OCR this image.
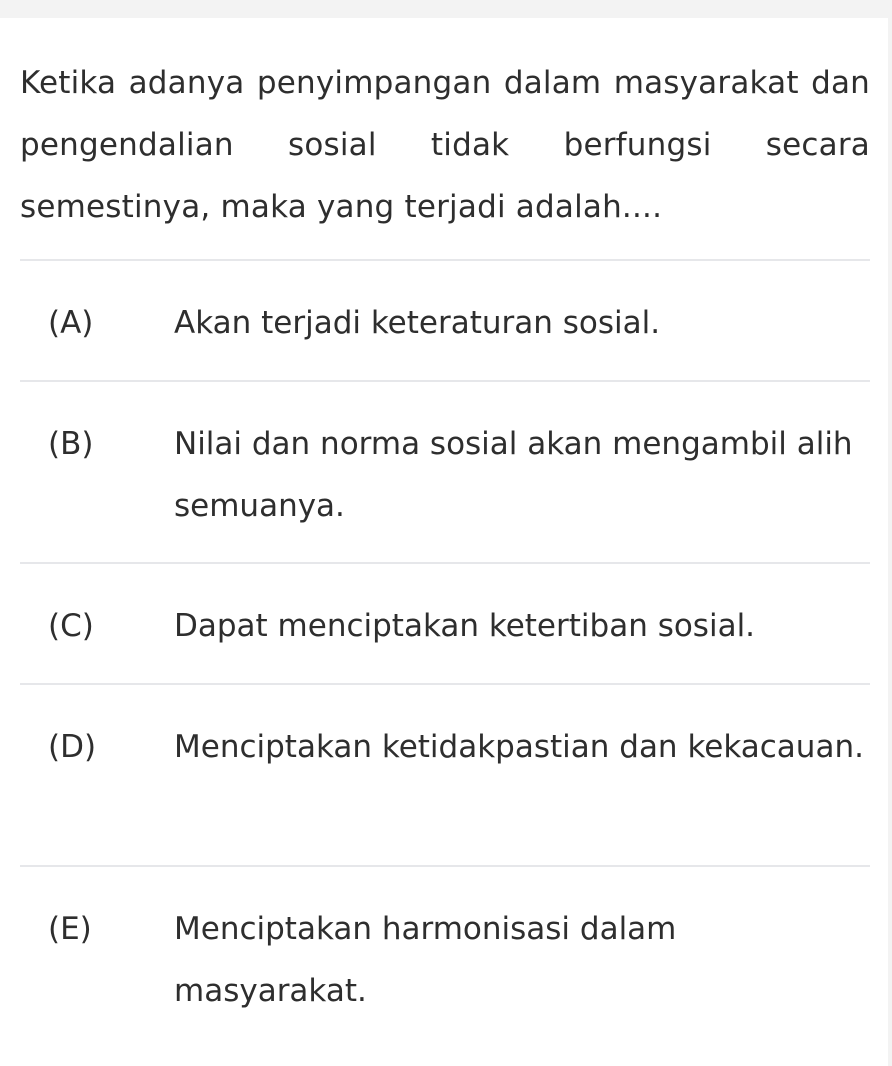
Ketika adanya penyimpangan dalam masyarakat dan pengendalian sosial tidak berfungsi secara semestinya, maka yang terjadi adalah....

(A)	Akan terjadi keteraturan sosial.
(B)	Nilai dan norma sosial akan mengambil alih semuanya.
(C)	Dapat menciptakan ketertiban sosial.
(D)	Menciptakan ketidakpastian dan kekacauan.
(E)	Menciptakan harmonisasi dalam masyarakat.
